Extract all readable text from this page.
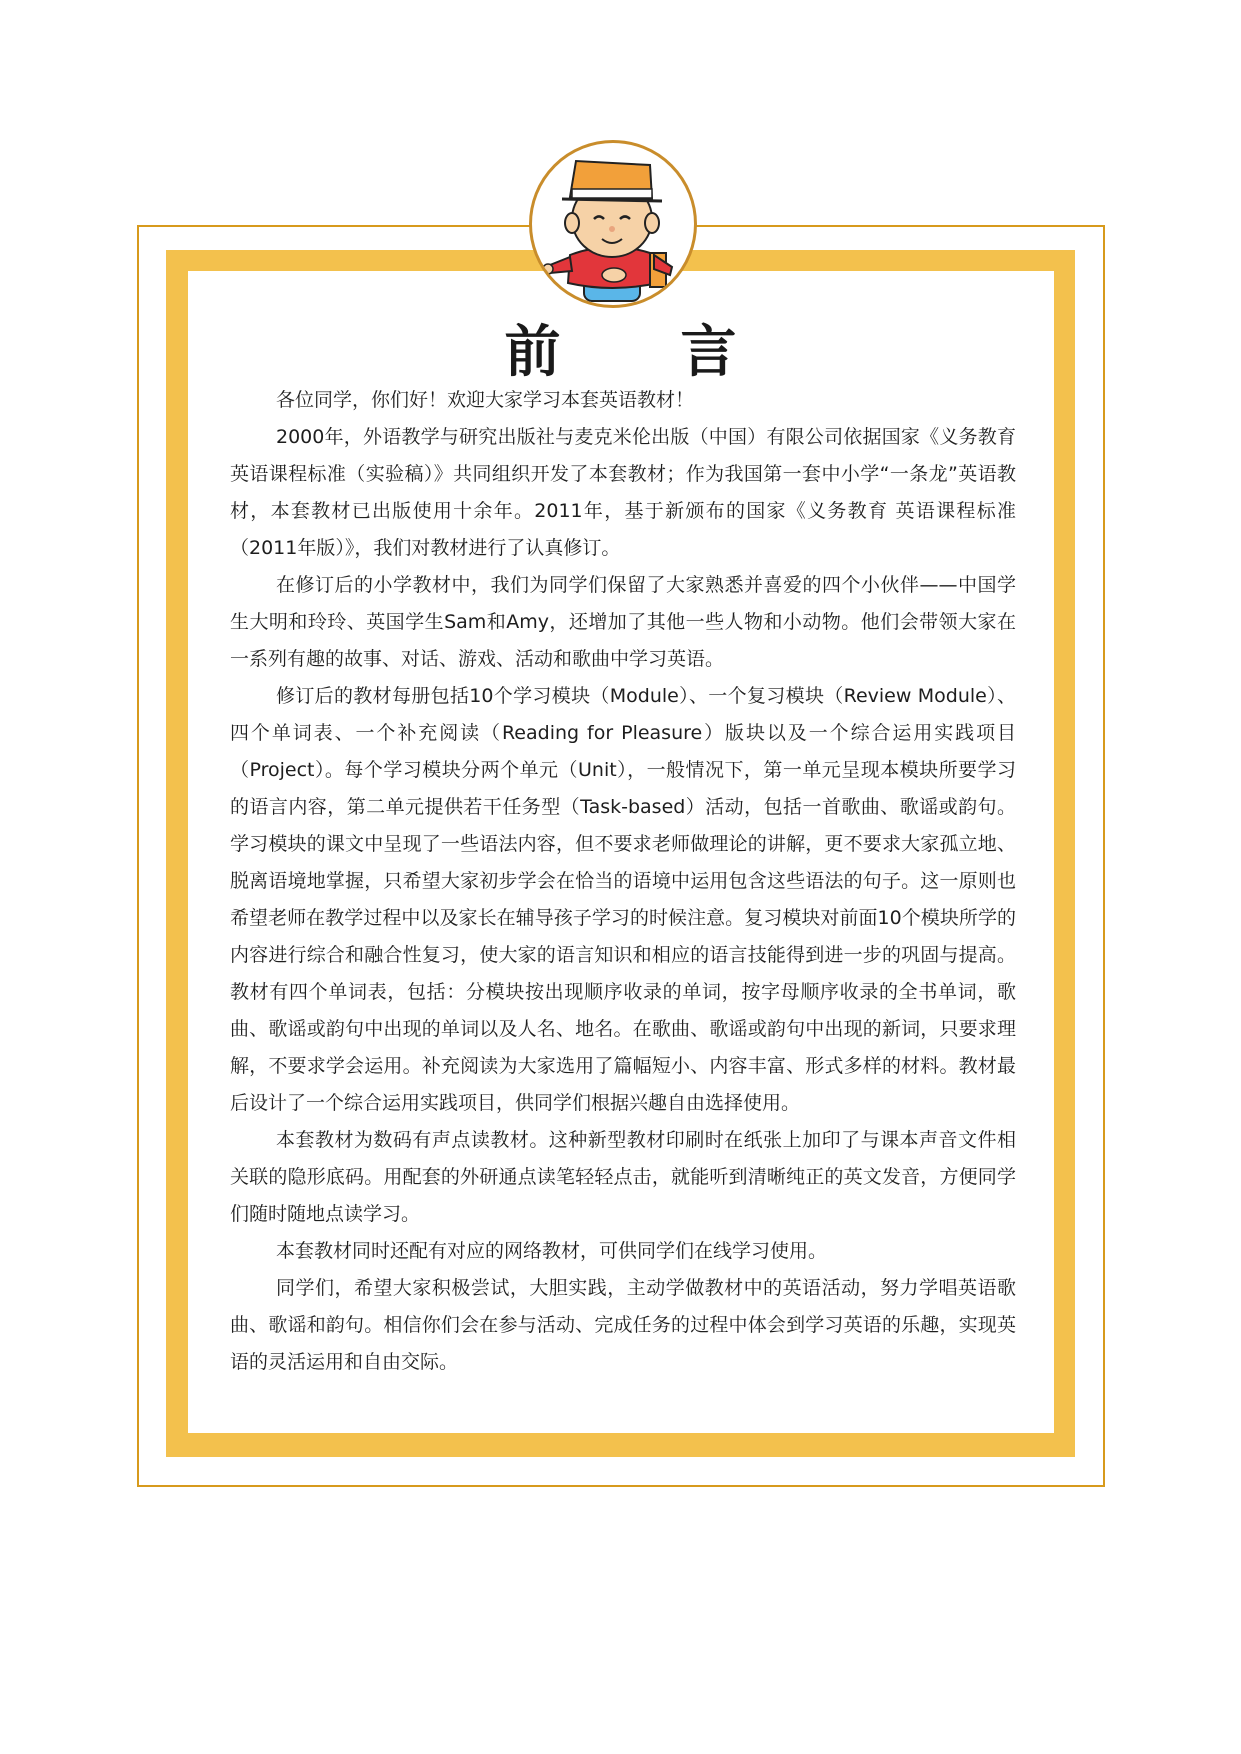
前 言

各位同学，你们好！欢迎大家学习本套英语教材！

2000年，外语教学与研究出版社与麦克米伦出版（中国）有限公司依据国家《义务教育 英语课程标准（实验稿）》共同组织开发了本套教材；作为我国第一套中小学“一条龙”英语教材，本套教材已出版使用十余年。2011年，基于新颁布的国家《义务教育 英语课程标准（2011年版）》，我们对教材进行了认真修订。

在修订后的小学教材中，我们为同学们保留了大家熟悉并喜爱的四个小伙伴——中国学生大明和玲玲、英国学生Sam和Amy，还增加了其他一些人物和小动物。他们会带领大家在一系列有趣的故事、对话、游戏、活动和歌曲中学习英语。

修订后的教材每册包括10个学习模块（Module）、一个复习模块（Review Module）、四个单词表、一个补充阅读（Reading for Pleasure）版块以及一个综合运用实践项目（Project）。每个学习模块分两个单元（Unit），一般情况下，第一单元呈现本模块所要学习的语言内容，第二单元提供若干任务型（Task-based）活动，包括一首歌曲、歌谣或韵句。学习模块的课文中呈现了一些语法内容，但不要求老师做理论的讲解，更不要求大家孤立地、脱离语境地掌握，只希望大家初步学会在恰当的语境中运用包含这些语法的句子。这一原则也希望老师在教学过程中以及家长在辅导孩子学习的时候注意。复习模块对前面10个模块所学的内容进行综合和融合性复习，使大家的语言知识和相应的语言技能得到进一步的巩固与提高。教材有四个单词表，包括：分模块按出现顺序收录的单词，按字母顺序收录的全书单词，歌曲、歌谣或韵句中出现的单词以及人名、地名。在歌曲、歌谣或韵句中出现的新词，只要求理解，不要求学会运用。补充阅读为大家选用了篇幅短小、内容丰富、形式多样的材料。教材最后设计了一个综合运用实践项目，供同学们根据兴趣自由选择使用。

本套教材为数码有声点读教材。这种新型教材印刷时在纸张上加印了与课本声音文件相关联的隐形底码。用配套的外研通点读笔轻轻点击，就能听到清晰纯正的英文发音，方便同学们随时随地点读学习。

本套教材同时还配有对应的网络教材，可供同学们在线学习使用。

同学们，希望大家积极尝试，大胆实践，主动学做教材中的英语活动，努力学唱英语歌曲、歌谣和韵句。相信你们会在参与活动、完成任务的过程中体会到学习英语的乐趣，实现英语的灵活运用和自由交际。
